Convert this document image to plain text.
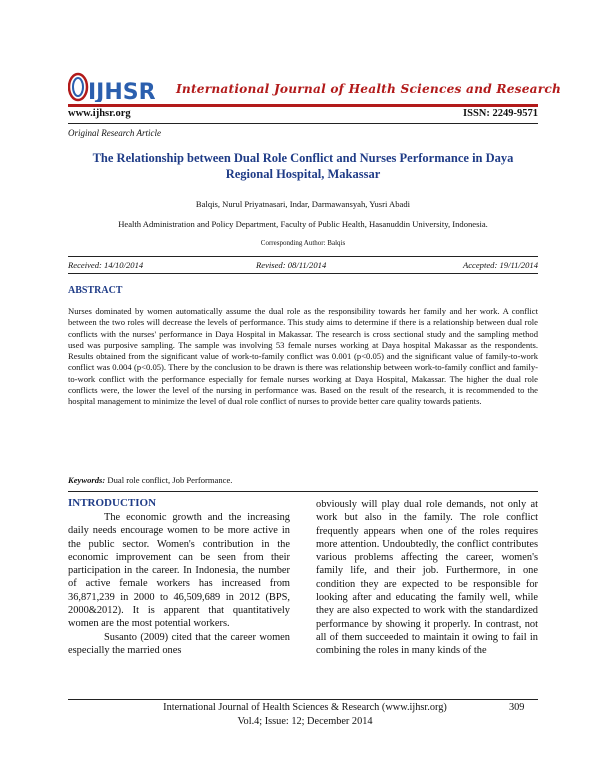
IJHSR International Journal of Health Sciences and Research
www.ijhsr.org	ISSN: 2249-9571
Original Research Article
The Relationship between Dual Role Conflict and Nurses Performance in Daya Regional Hospital, Makassar
Balqis, Nurul Priyatnasari, Indar, Darmawansyah, Yusri Abadi
Health Administration and Policy Department, Faculty of Public Health, Hasanuddin University, Indonesia.
Corresponding Author: Balqis
Received: 14/10/2014	Revised: 08/11/2014	Accepted: 19/11/2014
ABSTRACT
Nurses dominated by women automatically assume the dual role as the responsibility towards her family and her work. A conflict between the two roles will decrease the levels of performance. This study aims to determine if there is a relationship between dual role conflicts with the nurses' performance in Daya Hospital in Makassar. The research is cross sectional study and the sampling method used was purposive sampling. The sample was involving 53 female nurses working at Daya hospital Makassar as the respondents. Results obtained from the significant value of work-to-family conflict was 0.001 (p<0.05) and the significant value of family-to-work conflict was 0.004 (p<0.05). There by the conclusion to be drawn is there was relationship between work-to-family conflict and family-to-work conflict with the performance especially for female nurses working at Daya Hospital, Makassar. The higher the dual role conflicts were, the lower the level of the nursing in performance was. Based on the result of the research, it is recommended to the hospital management to minimize the level of dual role conflict of nurses to provide better care quality towards patients.
Keywords: Dual role conflict, Job Performance.
INTRODUCTION

The economic growth and the increasing daily needs encourage women to be more active in the public sector. Women's contribution in the economic improvement can be seen from their participation in the career. In Indonesia, the number of active female workers has increased from 36,871,239 in 2000 to 46,509,689 in 2012 (BPS, 2000&2012). It is apparent that quantitatively women are the most potential workers.

Susanto (2009) cited that the career women especially the married ones

obviously will play dual role demands, not only at work but also in the family. The role conflict frequently appears when one of the roles requires more attention. Undoubtedly, the conflict contributes various problems affecting the career, women's family life, and their job. Furthermore, in one condition they are expected to be responsible for looking after and educating the family well, while they are also expected to work with the standardized performance by showing it properly. In contrast, not all of them succeeded to maintain it owing to fail in combining the roles in many kinds of the

International Journal of Health Sciences & Research (www.ijhsr.org)	309
Vol.4; Issue: 12; December 2014
